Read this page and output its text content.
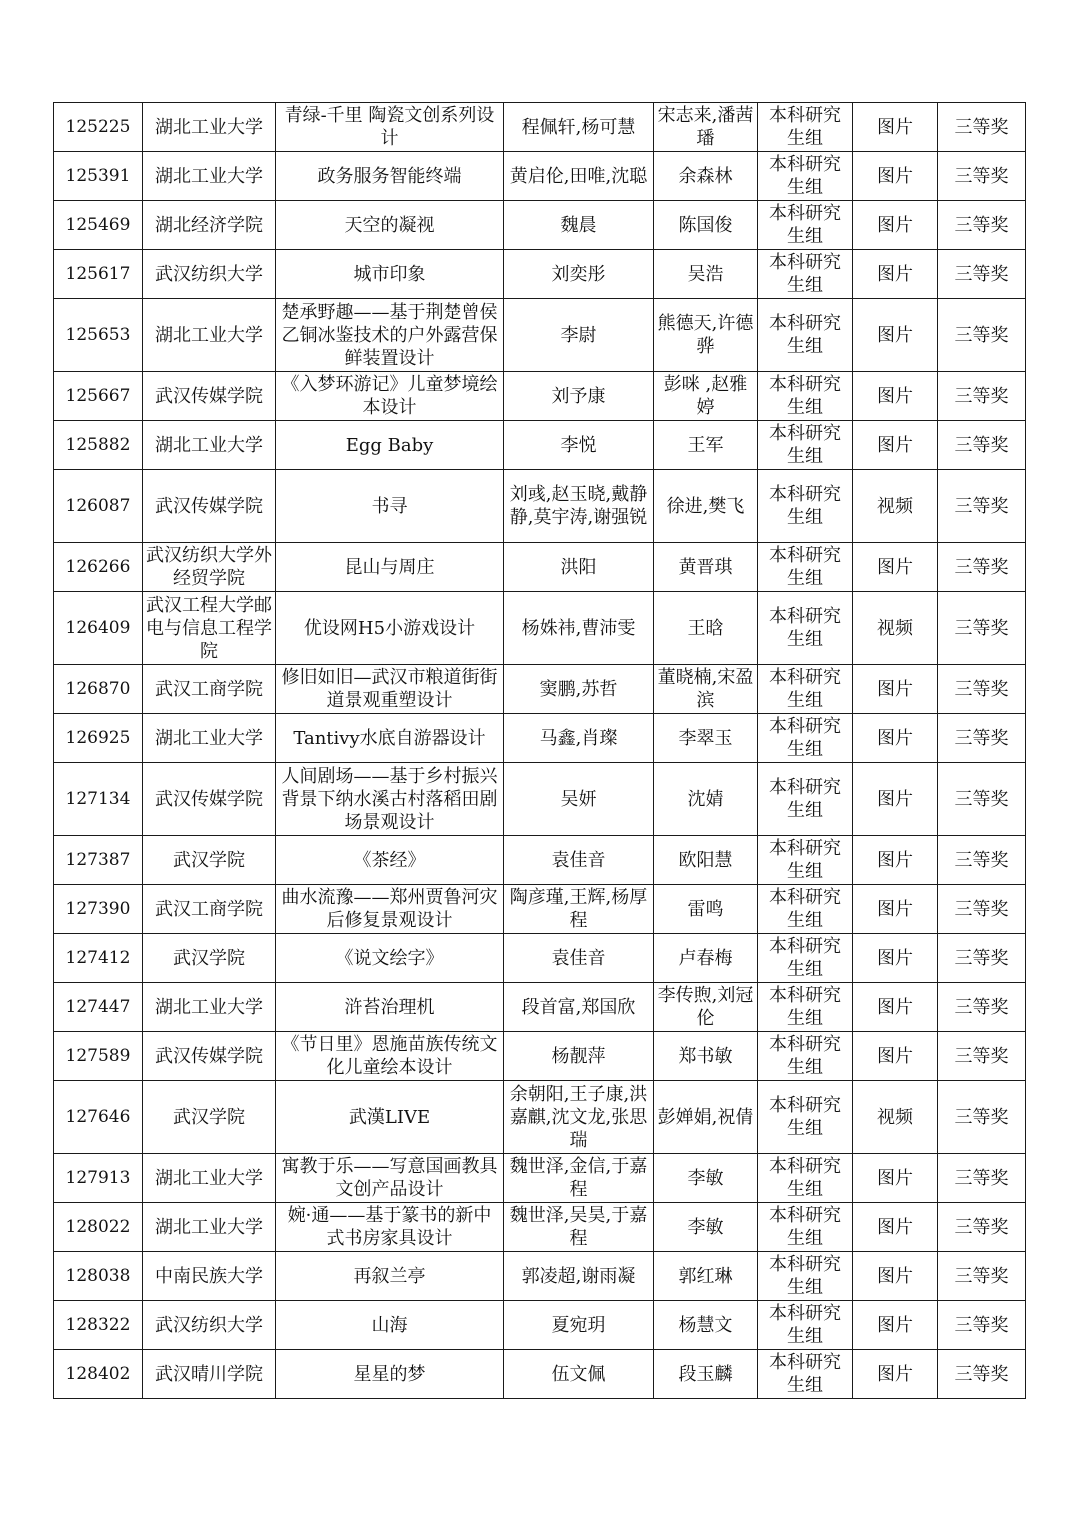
125225	湖北工业大学	青绿-千里 陶瓷文创系列设计	程佩轩,杨可慧	宋志来,潘茜璠	本科研究生组	图片	三等奖
125391	湖北工业大学	政务服务智能终端	黄启伦,田唯,沈聪	余森林	本科研究生组	图片	三等奖
125469	湖北经济学院	天空的凝视	魏晨	陈国俊	本科研究生组	图片	三等奖
125617	武汉纺织大学	城市印象	刘奕彤	吴浩	本科研究生组	图片	三等奖
125653	湖北工业大学	楚承野趣——基于荆楚曾侯乙铜冰鉴技术的户外露营保鲜装置设计	李尉	熊德天,许德骅	本科研究生组	图片	三等奖
125667	武汉传媒学院	《入梦环游记》儿童梦境绘本设计	刘予康	彭咪 ,赵雅婷	本科研究生组	图片	三等奖
125882	湖北工业大学	Egg Baby	李悦	王军	本科研究生组	图片	三等奖
126087	武汉传媒学院	书寻	刘彧,赵玉晓,戴静静,莫宇涛,谢强锐	徐进,樊飞	本科研究生组	视频	三等奖
126266	武汉纺织大学外经贸学院	昆山与周庄	洪阳	黄晋琪	本科研究生组	图片	三等奖
126409	武汉工程大学邮电与信息工程学院	优设网H5小游戏设计	杨姝祎,曹沛雯	王晗	本科研究生组	视频	三等奖
126870	武汉工商学院	修旧如旧—武汉市粮道街街道景观重塑设计	窦鹏,苏哲	董晓楠,宋盈滨	本科研究生组	图片	三等奖
126925	湖北工业大学	Tantivy水底自游器设计	马鑫,肖璨	李翠玉	本科研究生组	图片	三等奖
127134	武汉传媒学院	人间剧场——基于乡村振兴背景下纳水溪古村落稻田剧场景观设计	吴妍	沈婧	本科研究生组	图片	三等奖
127387	武汉学院	《茶经》	袁佳音	欧阳慧	本科研究生组	图片	三等奖
127390	武汉工商学院	曲水流豫——郑州贾鲁河灾后修复景观设计	陶彦瑾,王辉,杨厚程	雷鸣	本科研究生组	图片	三等奖
127412	武汉学院	《说文绘字》	袁佳音	卢春梅	本科研究生组	图片	三等奖
127447	湖北工业大学	浒苔治理机	段首富,郑国欣	李传煦,刘冠伦	本科研究生组	图片	三等奖
127589	武汉传媒学院	《节日里》恩施苗族传统文化儿童绘本设计	杨靓萍	郑书敏	本科研究生组	图片	三等奖
127646	武汉学院	武漢LIVE	余朝阳,王子康,洪嘉麒,沈文龙,张思瑞	彭婵娟,祝倩	本科研究生组	视频	三等奖
127913	湖北工业大学	寓教于乐——写意国画教具文创产品设计	魏世泽,金信,于嘉程	李敏	本科研究生组	图片	三等奖
128022	湖北工业大学	婉·通——基于篆书的新中式书房家具设计	魏世泽,吴昊,于嘉程	李敏	本科研究生组	图片	三等奖
128038	中南民族大学	再叙兰亭	郭凌超,谢雨凝	郭红琳	本科研究生组	图片	三等奖
128322	武汉纺织大学	山海	夏宛玥	杨慧文	本科研究生组	图片	三等奖
128402	武汉晴川学院	星星的梦	伍文佩	段玉麟	本科研究生组	图片	三等奖
